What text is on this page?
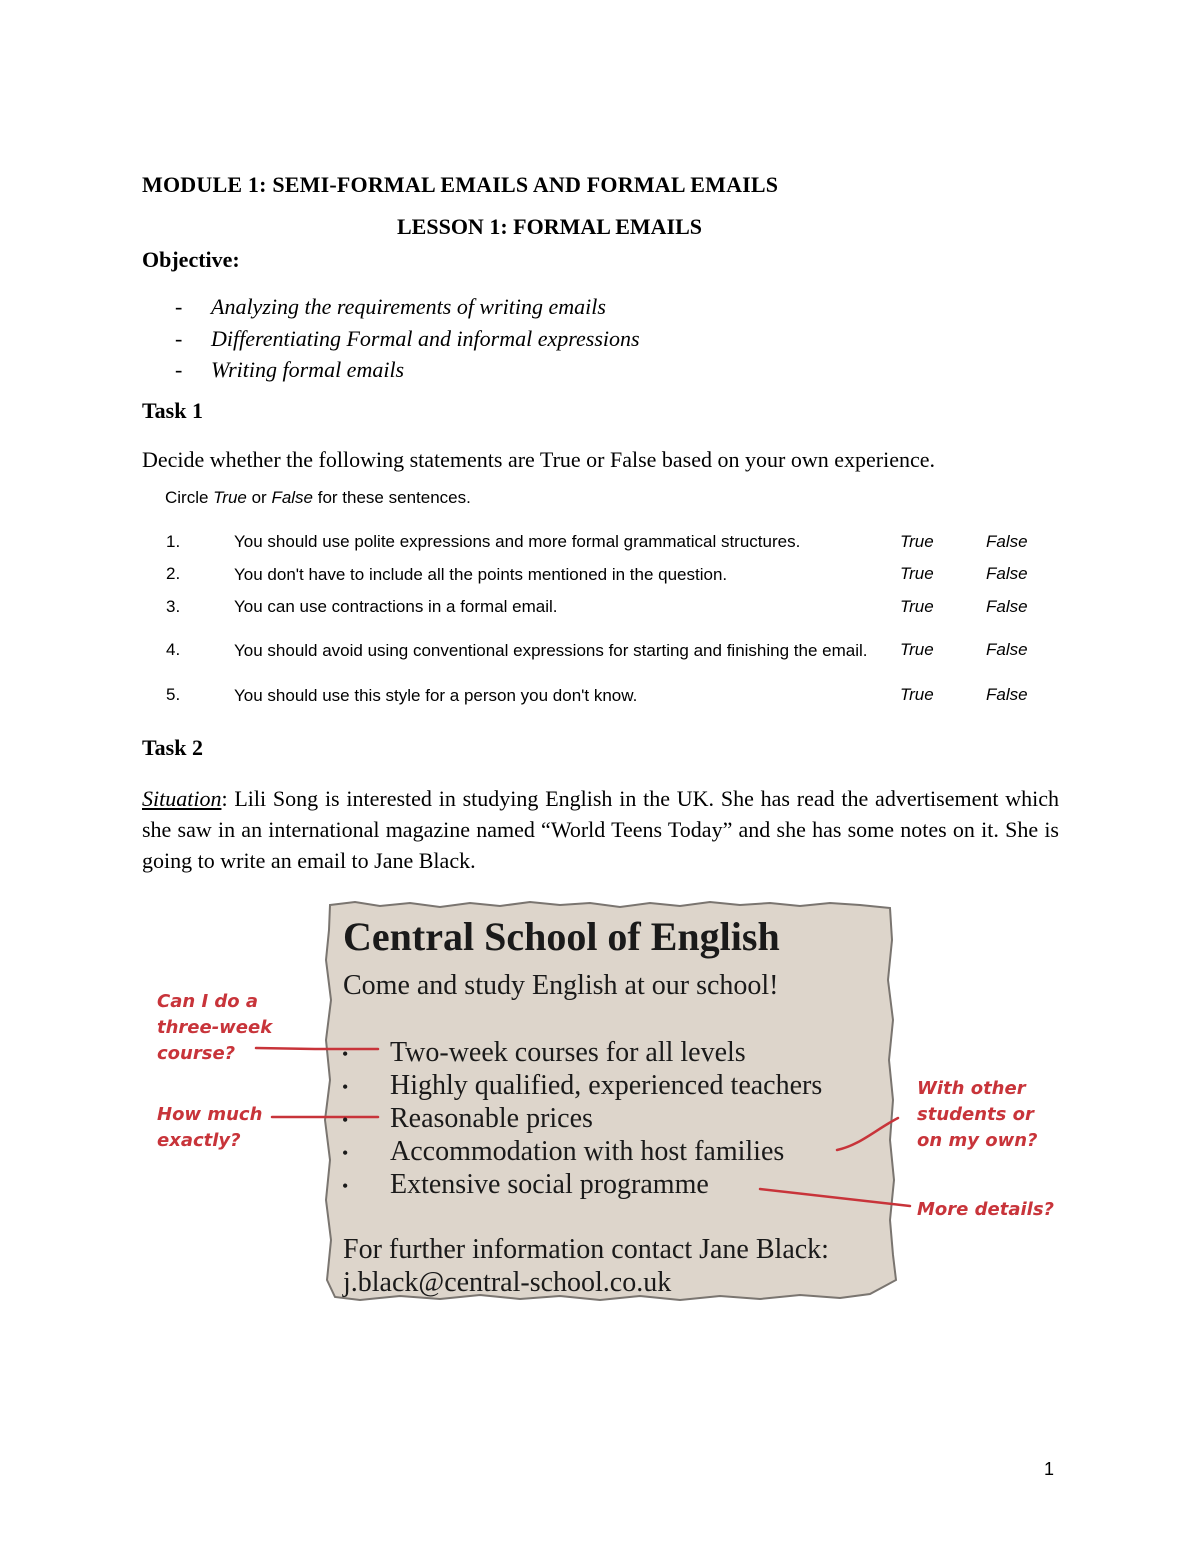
MODULE 1: SEMI-FORMAL EMAILS AND FORMAL EMAILS
LESSON 1: FORMAL EMAILS
Objective:
- Analyzing the requirements of writing emails
- Differentiating Formal and informal expressions
- Writing formal emails
Task 1
Decide whether the following statements are True or False based on your own experience.
Circle True or False for these sentences.
1.	You should use polite expressions and more formal grammatical structures.	True	False
2.	You don't have to include all the points mentioned in the question.	True	False
3.	You can use contractions in a formal email.	True	False
4.	You should avoid using conventional expressions for starting and finishing the email.	True	False
5.	You should use this style for a person you don't know.	True	False
Task 2
Situation: Lili Song is interested in studying English in the UK. She has read the advertisement which she saw in an international magazine named “World Teens Today” and she has some notes on it. She is going to write an email to Jane Black.
Central School of English
Come and study English at our school!
• Two-week courses for all levels
• Highly qualified, experienced teachers
• Reasonable prices
• Accommodation with host families
• Extensive social programme
For further information contact Jane Black:
j.black@central-school.co.uk
Can I do a
three-week
course?
How much
exactly?
With other
students or
on my own?
More details?
1
